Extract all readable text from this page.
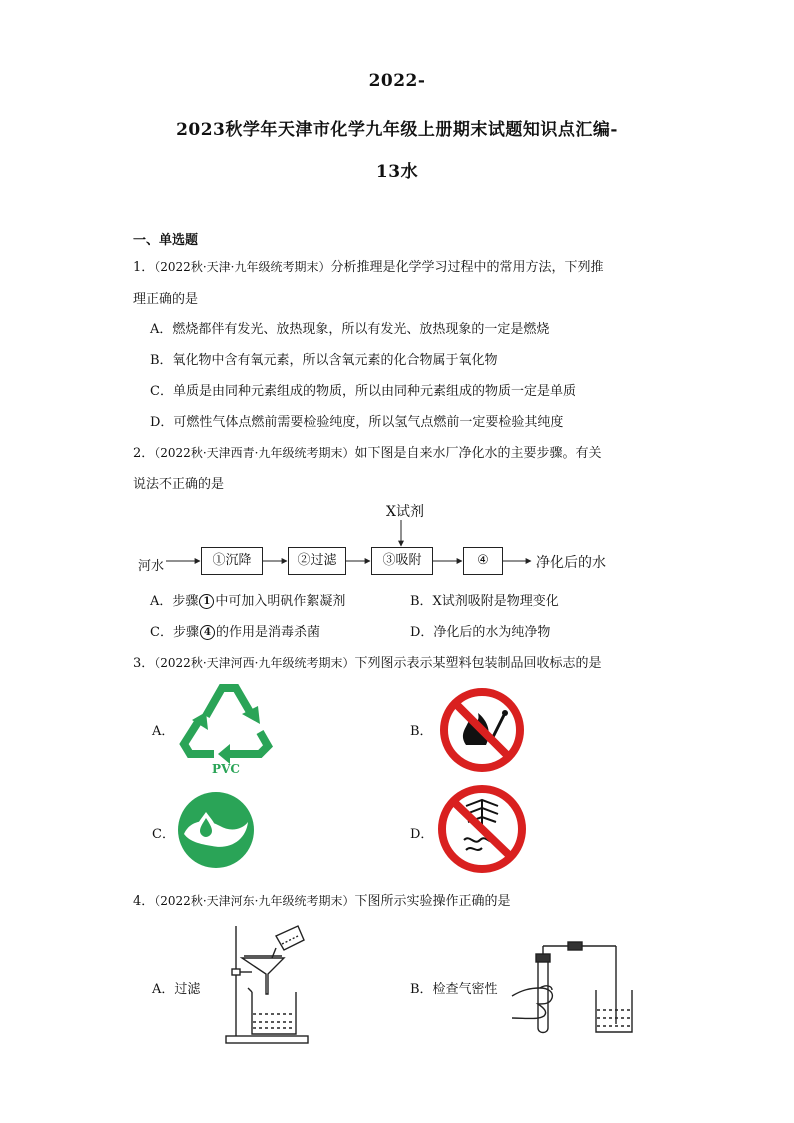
2022-
2023秋学年天津市化学九年级上册期末试题知识点汇编-
13水
一、单选题
1．（2022秋·天津·九年级统考期末）分析推理是化学学习过程中的常用方法，下列推
理正确的是
A．燃烧都伴有发光、放热现象，所以有发光、放热现象的一定是燃烧
B．氧化物中含有氧元素，所以含氧元素的化合物属于氧化物
C．单质是由同种元素组成的物质，所以由同种元素组成的物质一定是单质
D．可燃性气体点燃前需要检验纯度，所以氢气点燃前一定要检验其纯度
2．（2022秋·天津西青·九年级统考期末）如下图是自来水厂净化水的主要步骤。有关
说法不正确的是
X试剂
河水	①沉降	②过滤	③吸附	④	净化后的水
A．步骤 1 中可加入明矾作絮凝剂	B．X试剂吸附是物理变化
C．步骤 4 的作用是消毒杀菌	D．净化后的水为纯净物
3．（2022秋·天津河西·九年级统考期末）下列图示表示某塑料包装制品回收标志的是
A．
PVC
B．
C．	D．
4．（2022秋·天津河东·九年级统考期末）下图所示实验操作正确的是
A．过滤	B．检查气密性
